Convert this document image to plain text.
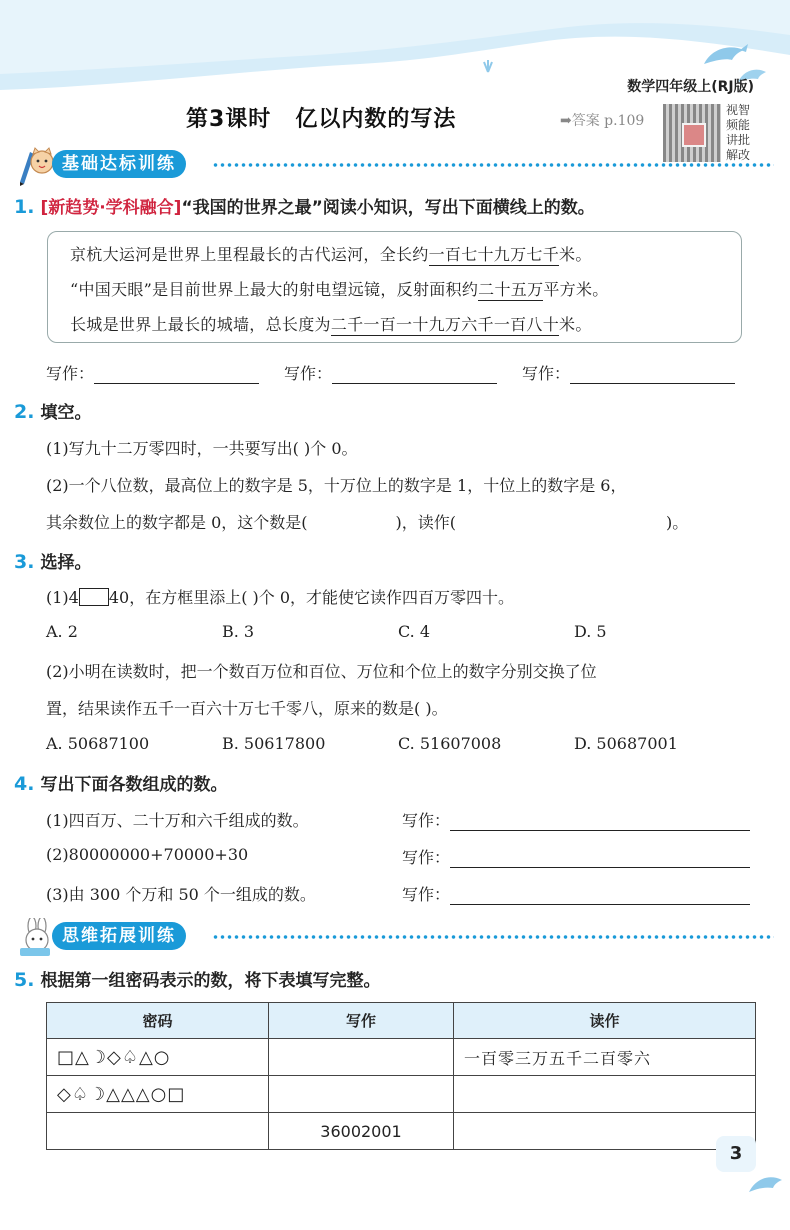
数学四年级上(RJ版)
第3课时 亿以内数的写法	➡答案 p.109
视智
频能
讲批
解改
基础达标训练
1. [新趋势·学科融合]“我国的世界之最”阅读小知识，写出下面横线上的数。
京杭大运河是世界上里程最长的古代运河，全长约一百七十九万七千米。
“中国天眼”是目前世界上最大的射电望远镜，反射面积约二十五万平方米。
长城是世界上最长的城墙，总长度为二千一百一十九万六千一百八十米。
写作：	写作：	写作：
2. 填空。
(1)写九十二万零四时，一共要写出( )个 0。
(2)一个八位数，最高位上的数字是 5，十万位上的数字是 1，十位上的数字是 6，
其余数位上的数字都是 0，这个数是(	)，读作(	)。
3. 选择。
(1)4 40，在方框里添上( )个 0，才能使它读作四百万零四十。
A. 2	B. 3	C. 4	D. 5
(2)小明在读数时，把一个数百万位和百位、万位和个位上的数字分别交换了位
置，结果读作五千一百六十万七千零八，原来的数是( )。
A. 50687100	B. 50617800	C. 51607008	D. 50687001
4. 写出下面各数组成的数。
(1)四百万、二十万和六千组成的数。	写作：
(2)80000000+70000+30	写作：
(3)由 300 个万和 50 个一组成的数。	写作：
思维拓展训练
5. 根据第一组密码表示的数，将下表填写完整。
密码	写作	读作
□△☽◇♤△○		一百零三万五千二百零六
◇♤☽△△△○□		
	36002001	
3
